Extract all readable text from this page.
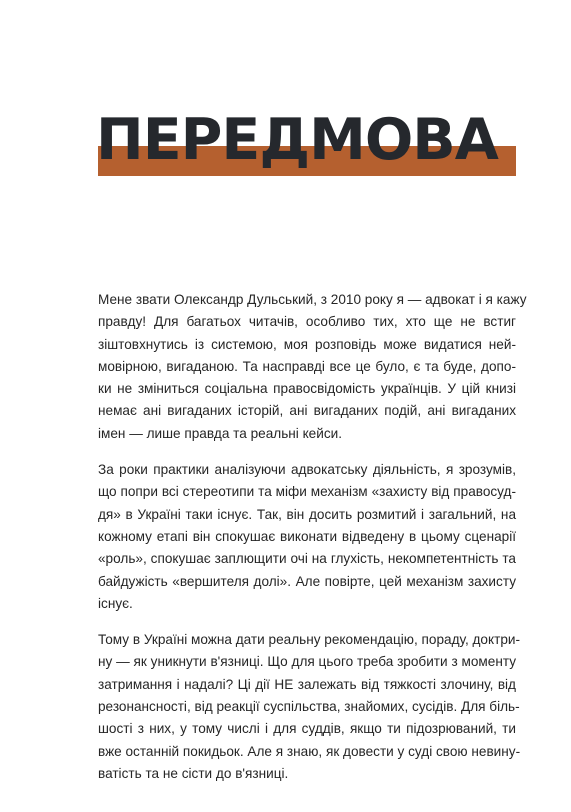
ПЕРЕДМОВА

Мене звати Олександр Дульський, з 2010 року я — адвокат і я кажу
правду! Для багатьох читачів, особливо тих, хто ще не встиг
зіштовхнутись із системою, моя розповідь може видатися ней-
мовірною, вигаданою. Та насправді все це було, є та буде, допо-
ки не зміниться соціальна правосвідомість українців. У цій книзі
немає ані вигаданих історій, ані вигаданих подій, ані вигаданих
імен — лише правда та реальні кейси.

За роки практики аналізуючи адвокатську діяльність, я зрозумів,
що попри всі стереотипи та міфи механізм «захисту від правосуд-
дя» в Україні таки існує. Так, він досить розмитий і загальний, на
кожному етапі він спокушає виконати відведену в цьому сценарії
«роль», спокушає заплющити очі на глухість, некомпетентність та
байдужість «вершителя долі». Але повірте, цей механізм захисту
існує.

Тому в Україні можна дати реальну рекомендацію, пораду, доктри-
ну — як уникнути в'язниці. Що для цього треба зробити з моменту
затримання і надалі? Ці дії НЕ залежать від тяжкості злочину, від
резонансності, від реакції суспільства, знайомих, сусідів. Для біль-
шості з них, у тому числі і для суддів, якщо ти підозрюваний, ти
вже останній покидьок. Але я знаю, як довести у суді свою невину-
ватість та не сісти до в'язниці.
